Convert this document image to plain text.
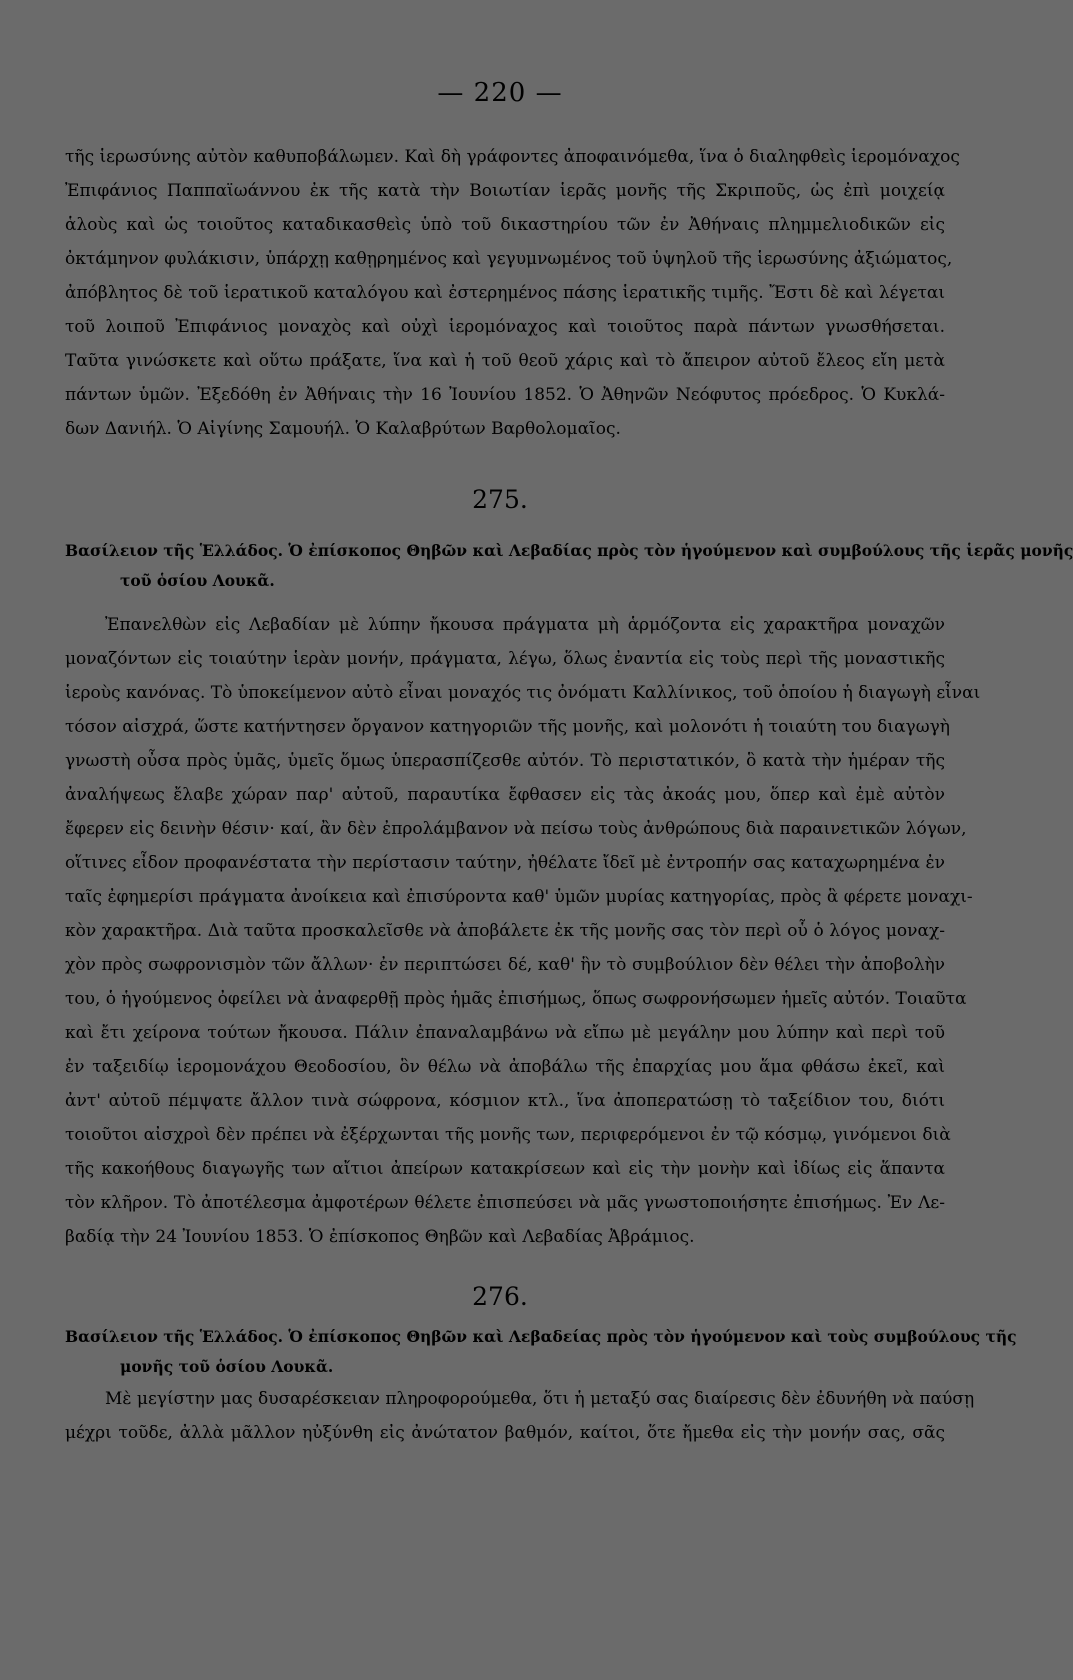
— 220 —
τῆς ἱερωσύνης αὐτὸν καθυποβάλωμεν. Καὶ δὴ γράφοντες ἀποφαινόμεθα, ἵνα ὁ διαληφθεὶς ἱερομόναχος
Ἐπιφάνιος Παππαϊωάννου ἐκ τῆς κατὰ τὴν Βοιωτίαν ἱερᾶς μονῆς τῆς Σκριποῦς, ὡς ἐπὶ μοιχείᾳ
ἁλοὺς καὶ ὡς τοιοῦτος καταδικασθεὶς ὑπὸ τοῦ δικαστηρίου τῶν ἐν Ἀθήναις πλημμελιοδικῶν εἰς
ὀκτάμηνον φυλάκισιν, ὑπάρχῃ καθῃρημένος καὶ γεγυμνωμένος τοῦ ὑψηλοῦ τῆς ἱερωσύνης ἀξιώματος,
ἀπόβλητος δὲ τοῦ ἱερατικοῦ καταλόγου καὶ ἐστερημένος πάσης ἱερατικῆς τιμῆς. Ἔστι δὲ καὶ λέγεται
τοῦ λοιποῦ Ἐπιφάνιος μοναχὸς καὶ οὐχὶ ἱερομόναχος καὶ τοιοῦτος παρὰ πάντων γνωσθήσεται.
Ταῦτα γινώσκετε καὶ οὕτω πράξατε, ἵνα καὶ ἡ τοῦ θεοῦ χάρις καὶ τὸ ἄπειρον αὐτοῦ ἔλεος εἴη μετὰ
πάντων ὑμῶν. Ἐξεδόθη ἐν Ἀθήναις τὴν 16 Ἰουνίου 1852. Ὁ Ἀθηνῶν Νεόφυτος πρόεδρος. Ὁ Κυκλά-
δων Δανιήλ. Ὁ Αἰγίνης Σαμουήλ. Ὁ Καλαβρύτων Βαρθολομαῖος.
275.
Βασίλειον τῆς Ἑλλάδος. Ὁ ἐπίσκοπος Θηβῶν καὶ Λεβαδίας πρὸς τὸν ἡγούμενον καὶ συμβούλους τῆς ἱερᾶς μονῆς
τοῦ ὁσίου Λουκᾶ.
Ἐπανελθὼν εἰς Λεβαδίαν μὲ λύπην ἤκουσα πράγματα μὴ ἁρμόζοντα εἰς χαρακτῆρα μοναχῶν
μοναζόντων εἰς τοιαύτην ἱερὰν μονήν, πράγματα, λέγω, ὅλως ἐναντία εἰς τοὺς περὶ τῆς μοναστικῆς
ἱεροὺς κανόνας. Τὸ ὑποκείμενον αὐτὸ εἶναι μοναχός τις ὀνόματι Καλλίνικος, τοῦ ὁποίου ἡ διαγωγὴ εἶναι
τόσον αἰσχρά, ὥστε κατήντησεν ὄργανον κατηγοριῶν τῆς μονῆς, καὶ μολονότι ἡ τοιαύτη του διαγωγὴ
γνωστὴ οὖσα πρὸς ὑμᾶς, ὑμεῖς ὅμως ὑπερασπίζεσθε αὐτόν. Τὸ περιστατικόν, ὃ κατὰ τὴν ἡμέραν τῆς
ἀναλήψεως ἔλαβε χώραν παρ' αὐτοῦ, παραυτίκα ἔφθασεν εἰς τὰς ἀκοάς μου, ὅπερ καὶ ἐμὲ αὐτὸν
ἔφερεν εἰς δεινὴν θέσιν· καί, ἂν δὲν ἐπρολάμβανον νὰ πείσω τοὺς ἀνθρώπους διὰ παραινετικῶν λόγων,
οἵτινες εἶδον προφανέστατα τὴν περίστασιν ταύτην, ἠθέλατε ἴδεῖ μὲ ἐντροπήν σας καταχωρημένα ἐν
ταῖς ἐφημερίσι πράγματα ἀνοίκεια καὶ ἐπισύροντα καθ' ὑμῶν μυρίας κατηγορίας, πρὸς ἃ φέρετε μοναχι-
κὸν χαρακτῆρα. Διὰ ταῦτα προσκαλεῖσθε νὰ ἀποβάλετε ἐκ τῆς μονῆς σας τὸν περὶ οὗ ὁ λόγος μοναχ-
χὸν πρὸς σωφρονισμὸν τῶν ἄλλων· ἐν περιπτώσει δέ, καθ' ἣν τὸ συμβούλιον δὲν θέλει τὴν ἀποβολὴν
του, ὁ ἡγούμενος ὀφείλει νὰ ἀναφερθῇ πρὸς ἡμᾶς ἐπισήμως, ὅπως σωφρονήσωμεν ἡμεῖς αὐτόν. Τοιαῦτα
καὶ ἔτι χείρονα τούτων ἤκουσα. Πάλιν ἐπαναλαμβάνω νὰ εἴπω μὲ μεγάλην μου λύπην καὶ περὶ τοῦ
ἐν ταξειδίῳ ἱερομονάχου Θεοδοσίου, ὃν θέλω νὰ ἀποβάλω τῆς ἐπαρχίας μου ἅμα φθάσω ἐκεῖ, καὶ
ἀντ' αὐτοῦ πέμψατε ἄλλον τινὰ σώφρονα, κόσμιον κτλ., ἵνα ἀποπερατώσῃ τὸ ταξείδιον του, διότι
τοιοῦτοι αἰσχροὶ δὲν πρέπει νὰ ἐξέρχωνται τῆς μονῆς των, περιφερόμενοι ἐν τῷ κόσμῳ, γινόμενοι διὰ
τῆς κακοήθους διαγωγῆς των αἴτιοι ἀπείρων κατακρίσεων καὶ εἰς τὴν μονὴν καὶ ἰδίως εἰς ἅπαντα
τὸν κλῆρον. Τὸ ἀποτέλεσμα ἀμφοτέρων θέλετε ἐπισπεύσει νὰ μᾶς γνωστοποιήσητε ἐπισήμως. Ἐν Λε-
βαδίᾳ τὴν 24 Ἰουνίου 1853. Ὁ ἐπίσκοπος Θηβῶν καὶ Λεβαδίας Ἀβράμιος.
276.
Βασίλειον τῆς Ἑλλάδος. Ὁ ἐπίσκοπος Θηβῶν καὶ Λεβαδείας πρὸς τὸν ἡγούμενον καὶ τοὺς συμβούλους τῆς
μονῆς τοῦ ὁσίου Λουκᾶ.
Μὲ μεγίστην μας δυσαρέσκειαν πληροφορούμεθα, ὅτι ἡ μεταξύ σας διαίρεσις δὲν ἐδυνήθη νὰ παύσῃ
μέχρι τοῦδε, ἀλλὰ μᾶλλον ηὐξύνθη εἰς ἀνώτατον βαθμόν, καίτοι, ὅτε ἤμεθα εἰς τὴν μονήν σας, σᾶς
